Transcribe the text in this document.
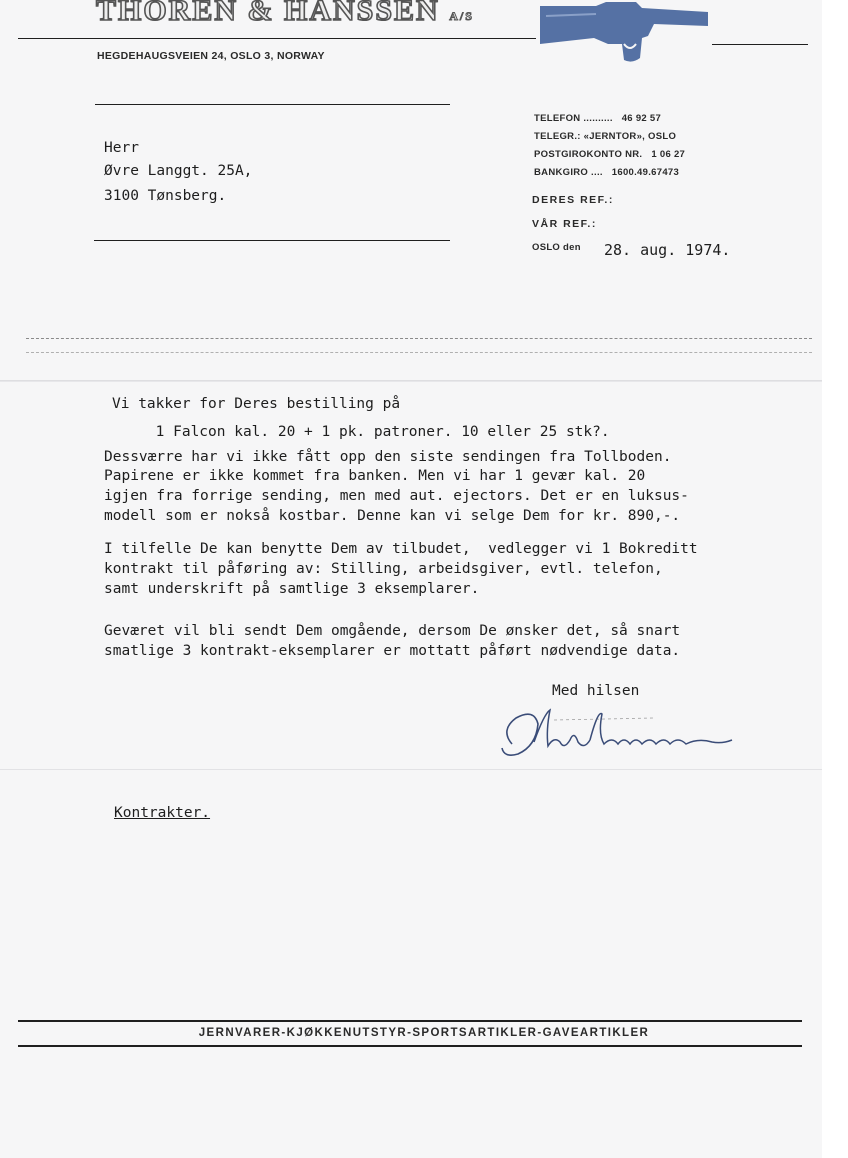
THOREN & HANSSEN A/S
HEGDEHAUGSVEIEN 24, OSLO 3, NORWAY
TELEFON .......... 46 92 57
TELEGR.: «JERNTOR», OSLO
POSTGIROKONTO NR. 1 06 27
BANKGIRO .... 1600.49.67473
DERES REF.:
VÅR REF.:
OSLO den 28. aug. 1974.
Herr
Øvre Langgt. 25A,
3100 Tønsberg.
Vi takker for Deres bestilling på
1 Falcon kal. 20 + 1 pk. patroner. 10 eller 25 stk?.
Dessværre har vi ikke fått opp den siste sendingen fra Tollboden.
Papirene er ikke kommet fra banken. Men vi har 1 gevær kal. 20
igjen fra forrige sending, men med aut. ejectors. Det er en luksus-
modell som er nokså kostbar. Denne kan vi selge Dem for kr. 890,-.
I tilfelle De kan benytte Dem av tilbudet,  vedlegger vi 1 Bokreditt
kontrakt til påføring av: Stilling, arbeidsgiver, evtl. telefon,
samt underskrift på samtlige 3 eksemplarer.
Geværet vil bli sendt Dem omgående, dersom De ønsker det, så snart
smatlige 3 kontrakt-eksemplarer er mottatt påført nødvendige data.
Med hilsen
Kontrakter.
JERNVARER-KJØKKENUTSTYR-SPORTSARTIKLER-GAVEARTIKLER
